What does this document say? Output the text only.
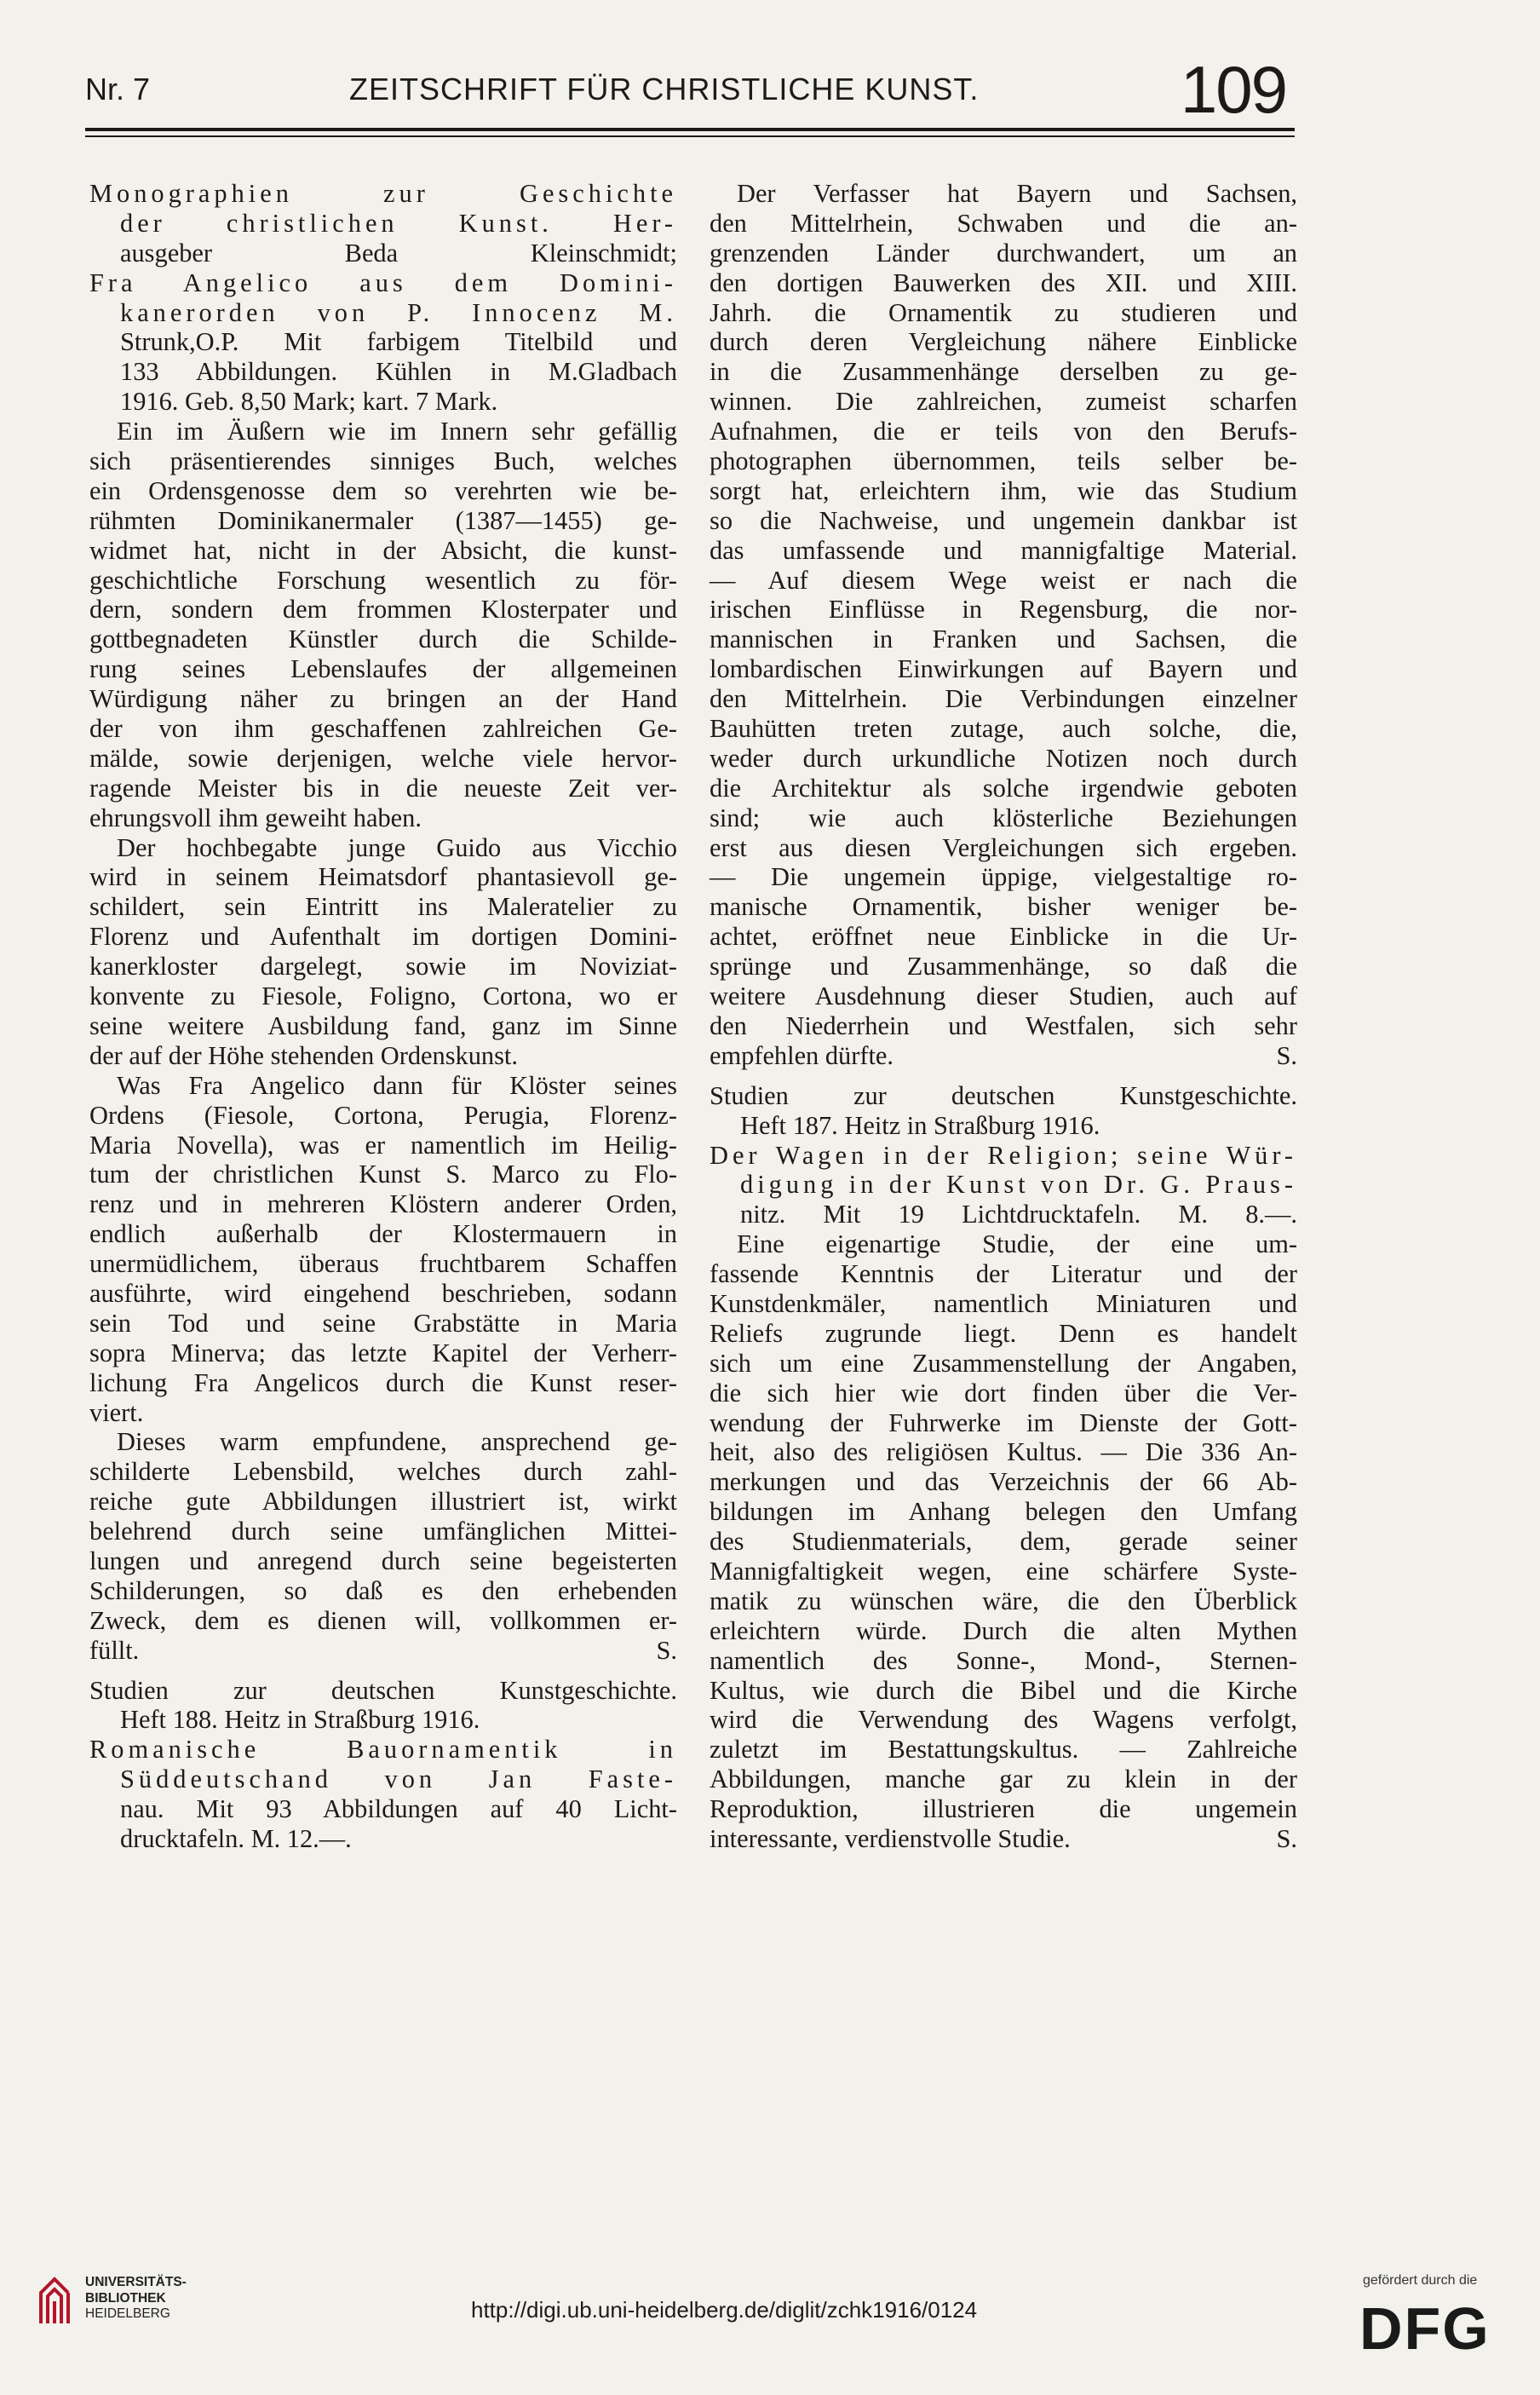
Nr. 7	ZEITSCHRIFT FÜR CHRISTLICHE KUNST.	109
Monographien zur Geschichte
der christlichen Kunst. Her-
ausgeber Beda Kleinschmidt;
Fra Angelico aus dem Domini-
kanerorden von P. Innocenz M.
Strunk,O.P. Mit farbigem Titelbild und
133 Abbildungen. Kühlen in M.Gladbach
1916. Geb. 8,50 Mark; kart. 7 Mark.
Ein im Äußern wie im Innern sehr gefällig
sich präsentierendes sinniges Buch, welches
ein Ordensgenosse dem so verehrten wie be-
rühmten Dominikanermaler (1387—1455) ge-
widmet hat, nicht in der Absicht, die kunst-
geschichtliche Forschung wesentlich zu för-
dern, sondern dem frommen Klosterpater und
gottbegnadeten Künstler durch die Schilde-
rung seines Lebenslaufes der allgemeinen
Würdigung näher zu bringen an der Hand
der von ihm geschaffenen zahlreichen Ge-
mälde, sowie derjenigen, welche viele hervor-
ragende Meister bis in die neueste Zeit ver-
ehrungsvoll ihm geweiht haben.
Der hochbegabte junge Guido aus Vicchio
wird in seinem Heimatsdorf phantasievoll ge-
schildert, sein Eintritt ins Maleratelier zu
Florenz und Aufenthalt im dortigen Domini-
kanerkloster dargelegt, sowie im Noviziat-
konvente zu Fiesole, Foligno, Cortona, wo er
seine weitere Ausbildung fand, ganz im Sinne
der auf der Höhe stehenden Ordenskunst.
Was Fra Angelico dann für Klöster seines
Ordens (Fiesole, Cortona, Perugia, Florenz-
Maria Novella), was er namentlich im Heilig-
tum der christlichen Kunst S. Marco zu Flo-
renz und in mehreren Klöstern anderer Orden,
endlich außerhalb der Klostermauern in
unermüdlichem, überaus fruchtbarem Schaffen
ausführte, wird eingehend beschrieben, sodann
sein Tod und seine Grabstätte in Maria
sopra Minerva; das letzte Kapitel der Verherr-
lichung Fra Angelicos durch die Kunst reser-
viert.
Dieses warm empfundene, ansprechend ge-
schilderte Lebensbild, welches durch zahl-
reiche gute Abbildungen illustriert ist, wirkt
belehrend durch seine umfänglichen Mittei-
lungen und anregend durch seine begeisterten
Schilderungen, so daß es den erhebenden
Zweck, dem es dienen will, vollkommen er-
füllt.	S.
Studien zur deutschen Kunstgeschichte.
Heft 188. Heitz in Straßburg 1916.
Romanische Bauornamentik in
Süddeutschand von Jan Faste-
nau. Mit 93 Abbildungen auf 40 Licht-
drucktafeln. M. 12.—.
Der Verfasser hat Bayern und Sachsen,
den Mittelrhein, Schwaben und die an-
grenzenden Länder durchwandert, um an
den dortigen Bauwerken des XII. und XIII.
Jahrh. die Ornamentik zu studieren und
durch deren Vergleichung nähere Einblicke
in die Zusammenhänge derselben zu ge-
winnen. Die zahlreichen, zumeist scharfen
Aufnahmen, die er teils von den Berufs-
photographen übernommen, teils selber be-
sorgt hat, erleichtern ihm, wie das Studium
so die Nachweise, und ungemein dankbar ist
das umfassende und mannigfaltige Material.
— Auf diesem Wege weist er nach die
irischen Einflüsse in Regensburg, die nor-
mannischen in Franken und Sachsen, die
lombardischen Einwirkungen auf Bayern und
den Mittelrhein. Die Verbindungen einzelner
Bauhütten treten zutage, auch solche, die,
weder durch urkundliche Notizen noch durch
die Architektur als solche irgendwie geboten
sind; wie auch klösterliche Beziehungen
erst aus diesen Vergleichungen sich ergeben.
— Die ungemein üppige, vielgestaltige ro-
manische Ornamentik, bisher weniger be-
achtet, eröffnet neue Einblicke in die Ur-
sprünge und Zusammenhänge, so daß die
weitere Ausdehnung dieser Studien, auch auf
den Niederrhein und Westfalen, sich sehr
empfehlen dürfte.	S.
Studien zur deutschen Kunstgeschichte.
Heft 187. Heitz in Straßburg 1916.
Der Wagen in der Religion; seine Wür-
digung in der Kunst von Dr. G. Praus-
nitz. Mit 19 Lichtdrucktafeln. M. 8.—.
Eine eigenartige Studie, der eine um-
fassende Kenntnis der Literatur und der
Kunstdenkmäler, namentlich Miniaturen und
Reliefs zugrunde liegt. Denn es handelt
sich um eine Zusammenstellung der Angaben,
die sich hier wie dort finden über die Ver-
wendung der Fuhrwerke im Dienste der Gott-
heit, also des religiösen Kultus. — Die 336 An-
merkungen und das Verzeichnis der 66 Ab-
bildungen im Anhang belegen den Umfang
des Studienmaterials, dem, gerade seiner
Mannigfaltigkeit wegen, eine schärfere Syste-
matik zu wünschen wäre, die den Überblick
erleichtern würde. Durch die alten Mythen
namentlich des Sonne-, Mond-, Sternen-
Kultus, wie durch die Bibel und die Kirche
wird die Verwendung des Wagens verfolgt,
zuletzt im Bestattungskultus. — Zahlreiche
Abbildungen, manche gar zu klein in der
Reproduktion, illustrieren die ungemein
interessante, verdienstvolle Studie.	S.
UNIVERSITÄTS-
BIBLIOTHEK
HEIDELBERG	http://digi.ub.uni-heidelberg.de/diglit/zchk1916/0124
gefördert durch die
DFG
